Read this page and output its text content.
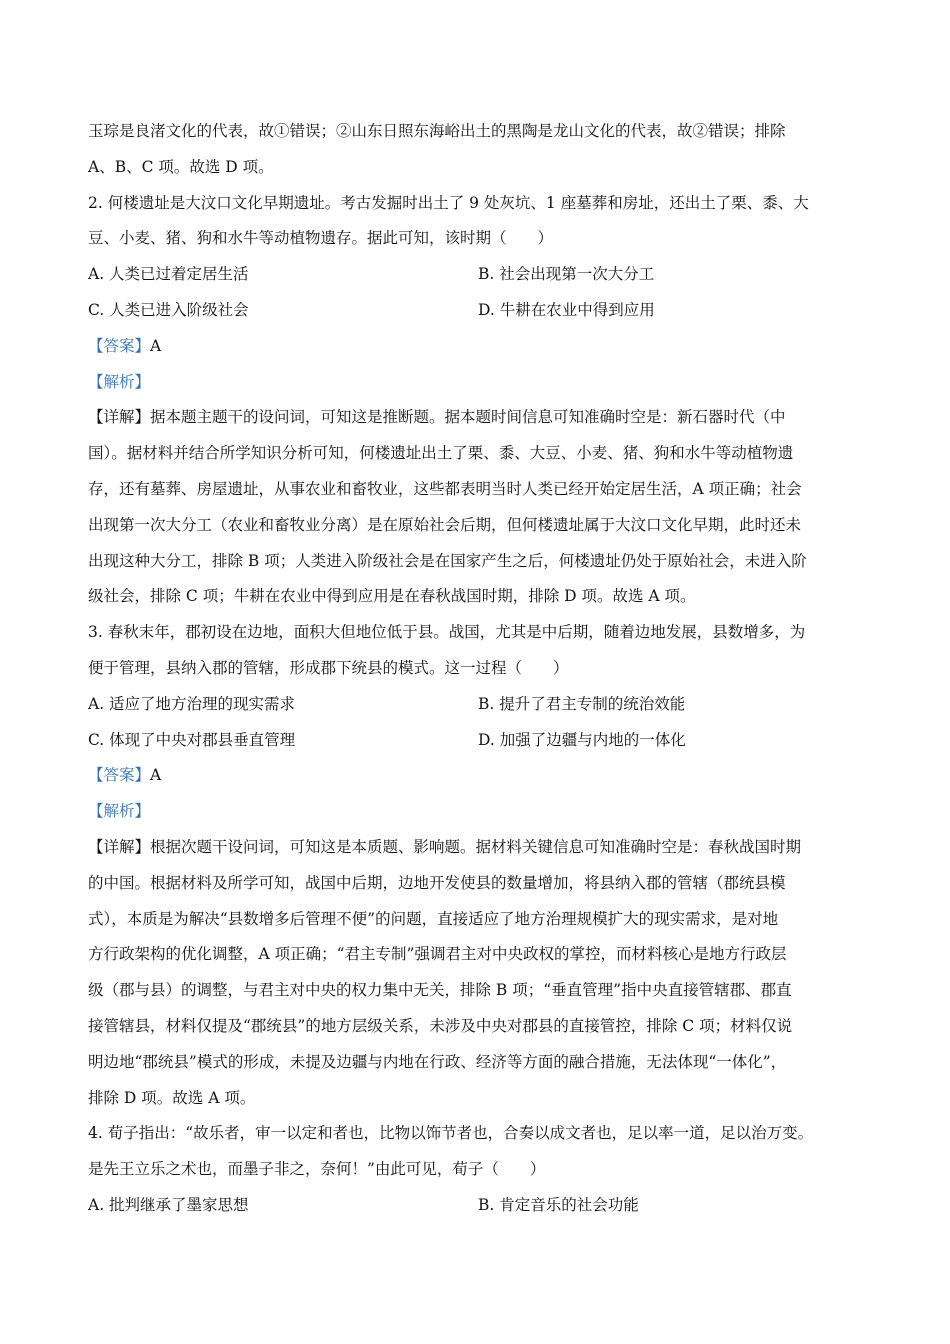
玉琮是良渚文化的代表，故①错误；②山东日照东海峪出土的黑陶是龙山文化的代表，故②错误；排除
A、B、C 项。故选 D 项。
2. 何楼遗址是大汶口文化早期遗址。考古发掘时出土了 9 处灰坑、1 座墓葬和房址，还出土了栗、黍、大
豆、小麦、猪、狗和水牛等动植物遗存。据此可知，该时期（　　）
A. 人类已过着定居生活	B. 社会出现第一次大分工
C. 人类已进入阶级社会	D. 牛耕在农业中得到应用
【答案】A
【解析】
【详解】据本题主题干的设问词，可知这是推断题。据本题时间信息可知准确时空是：新石器时代（中
国）。据材料并结合所学知识分析可知，何楼遗址出土了栗、黍、大豆、小麦、猪、狗和水牛等动植物遗
存，还有墓葬、房屋遗址，从事农业和畜牧业，这些都表明当时人类已经开始定居生活，A 项正确；社会
出现第一次大分工（农业和畜牧业分离）是在原始社会后期，但何楼遗址属于大汶口文化早期，此时还未
出现这种大分工，排除 B 项；人类进入阶级社会是在国家产生之后，何楼遗址仍处于原始社会，未进入阶
级社会，排除 C 项；牛耕在农业中得到应用是在春秋战国时期，排除 D 项。故选 A 项。
3. 春秋末年，郡初设在边地，面积大但地位低于县。战国，尤其是中后期，随着边地发展，县数增多，为
便于管理，县纳入郡的管辖，形成郡下统县的模式。这一过程（　　）
A. 适应了地方治理的现实需求	B. 提升了君主专制的统治效能
C. 体现了中央对郡县垂直管理	D. 加强了边疆与内地的一体化
【答案】A
【解析】
【详解】根据次题干设问词，可知这是本质题、影响题。据材料关键信息可知准确时空是：春秋战国时期
的中国。根据材料及所学可知，战国中后期，边地开发使县的数量增加，将县纳入郡的管辖（郡统县模
式），本质是为解决“县数增多后管理不便”的问题，直接适应了地方治理规模扩大的现实需求，是对地
方行政架构的优化调整，A 项正确；“君主专制”强调君主对中央政权的掌控，而材料核心是地方行政层
级（郡与县）的调整，与君主对中央的权力集中无关，排除 B 项；“垂直管理”指中央直接管辖郡、郡直
接管辖县，材料仅提及“郡统县”的地方层级关系，未涉及中央对郡县的直接管控，排除 C 项；材料仅说
明边地“郡统县”模式的形成，未提及边疆与内地在行政、经济等方面的融合措施，无法体现“一体化”，
排除 D 项。故选 A 项。
4. 荀子指出：“故乐者，审一以定和者也，比物以饰节者也，合奏以成文者也，足以率一道，足以治万变。
是先王立乐之术也，而墨子非之，奈何！”由此可见，荀子（　　）
A. 批判继承了墨家思想	B. 肯定音乐的社会功能
